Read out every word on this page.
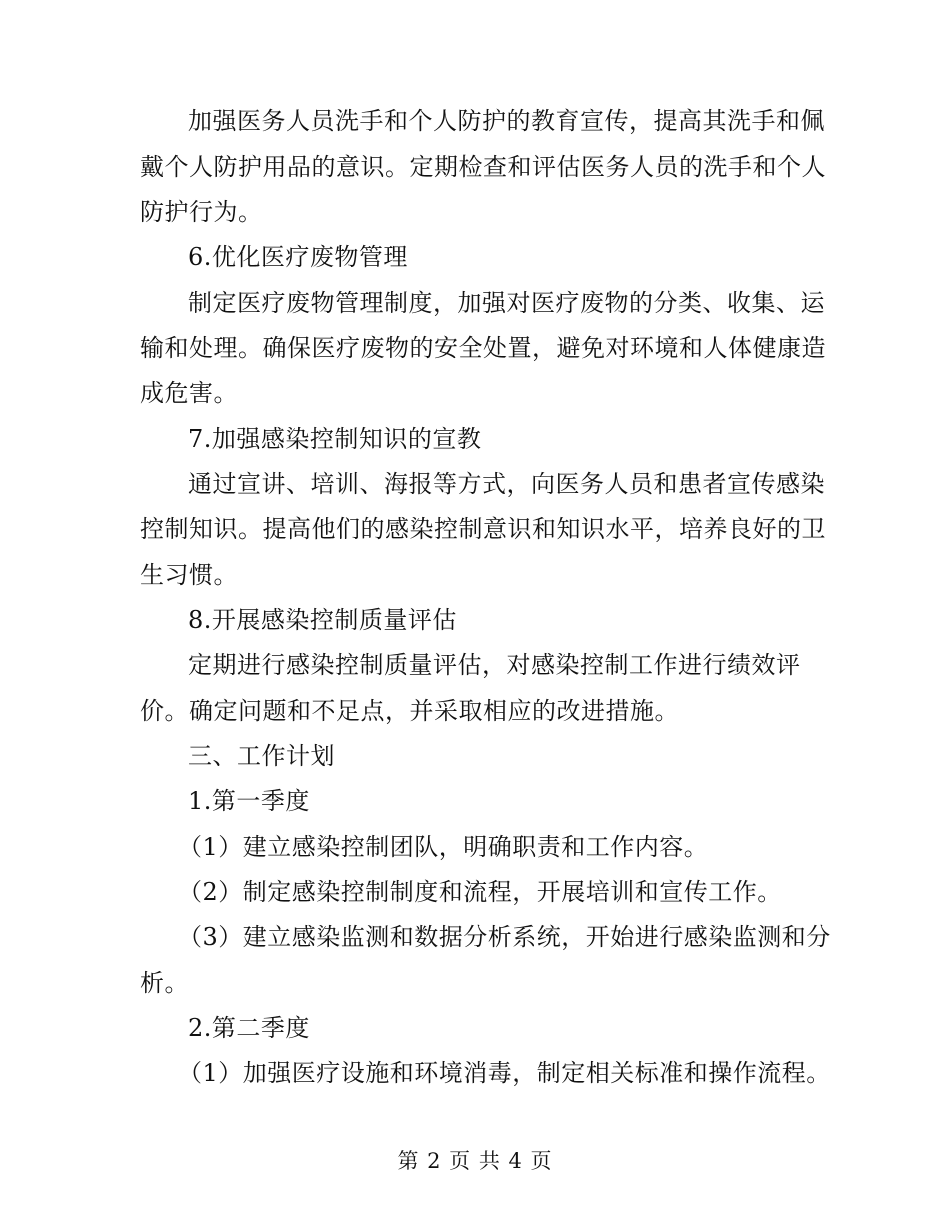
加强医务人员洗手和个人防护的教育宣传，提高其洗手和佩
戴个人防护用品的意识。定期检查和评估医务人员的洗手和个人
防护行为。
6.优化医疗废物管理
制定医疗废物管理制度，加强对医疗废物的分类、收集、运
输和处理。确保医疗废物的安全处置，避免对环境和人体健康造
成危害。
7.加强感染控制知识的宣教
通过宣讲、培训、海报等方式，向医务人员和患者宣传感染
控制知识。提高他们的感染控制意识和知识水平，培养良好的卫
生习惯。
8.开展感染控制质量评估
定期进行感染控制质量评估，对感染控制工作进行绩效评
价。确定问题和不足点，并采取相应的改进措施。
三、工作计划
1.第一季度
（1）建立感染控制团队，明确职责和工作内容。
（2）制定感染控制制度和流程，开展培训和宣传工作。
（3）建立感染监测和数据分析系统，开始进行感染监测和分
析。
2.第二季度
（1）加强医疗设施和环境消毒，制定相关标准和操作流程。
第 2 页 共 4 页
